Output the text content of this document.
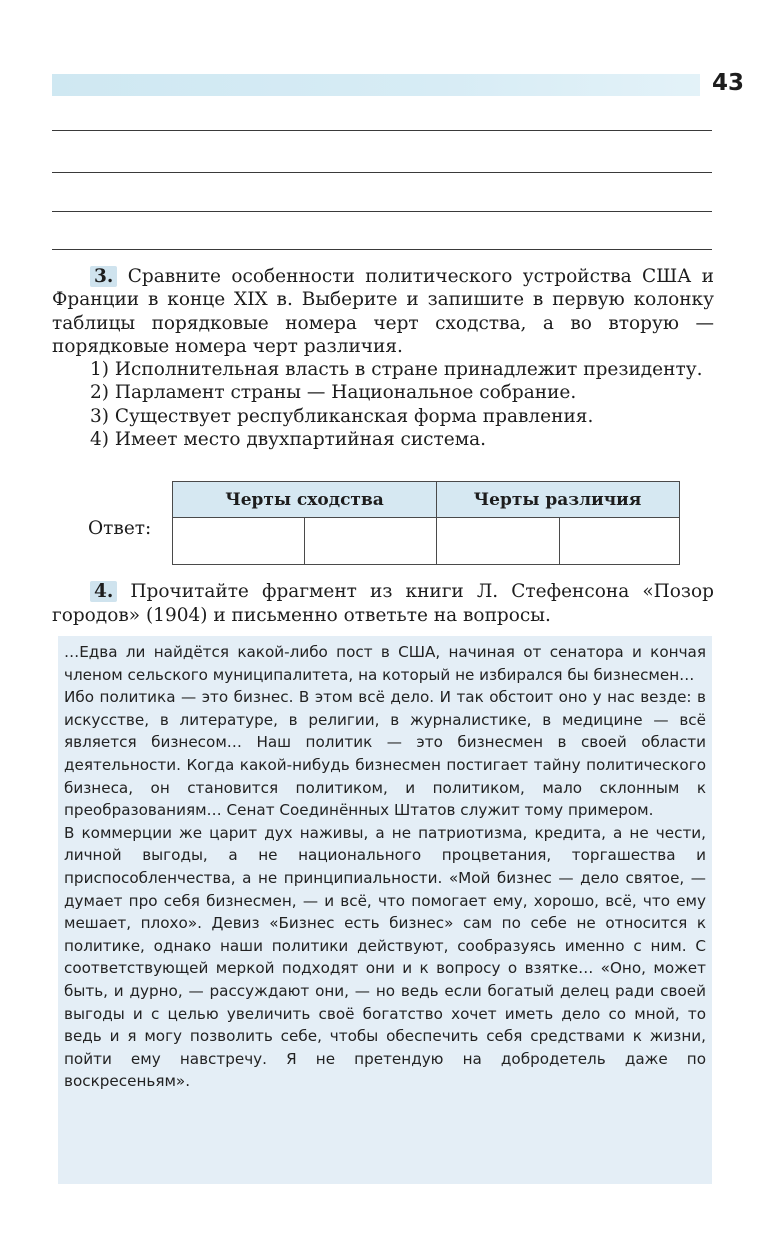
43

3. Сравните особенности политического устройства США и Франции в конце XIX в. Выберите и запишите в первую колонку таблицы порядковые номера черт сходства, а во вторую — порядковые номера черт различия.

1) Исполнительная власть в стране принадлежит президенту.

2) Парламент страны — Национальное собрание.

3) Существует республиканская форма правления.

4) Имеет место двухпартийная система.

Ответ:
Черты сходства	Черты различия

4. Прочитайте фрагмент из книги Л. Стефенсона «Позор городов» (1904) и письменно ответьте на вопросы.

…Едва ли найдётся какой-либо пост в США, начиная от сенатора и кончая членом сельского муниципалитета, на который не избирался бы бизнесмен…

Ибо политика — это бизнес. В этом всё дело. И так обстоит оно у нас везде: в искусстве, в литературе, в религии, в журналистике, в медицине — всё является бизнесом… Наш политик — это бизнесмен в своей области деятельности. Когда какой-нибудь бизнесмен постигает тайну политического бизнеса, он становится политиком, и политиком, мало склонным к преобразованиям… Сенат Соединённых Штатов служит тому примером.

В коммерции же царит дух наживы, а не патриотизма, кредита, а не чести, личной выгоды, а не национального процветания, торгашества и приспособленчества, а не принципиальности. «Мой бизнес — дело святое, — думает про себя бизнесмен, — и всё, что помогает ему, хорошо, всё, что ему мешает, плохо». Девиз «Бизнес есть бизнес» сам по себе не относится к политике, однако наши политики действуют, сообразуясь именно с ним. С соответствующей меркой подходят они и к вопросу о взятке… «Оно, может быть, и дурно, — рассуждают они, — но ведь если богатый делец ради своей выгоды и с целью увеличить своё богатство хочет иметь дело со мной, то ведь и я могу позволить себе, чтобы обеспечить себя средствами к жизни, пойти ему навстречу. Я не претендую на добродетель даже по воскресеньям».
